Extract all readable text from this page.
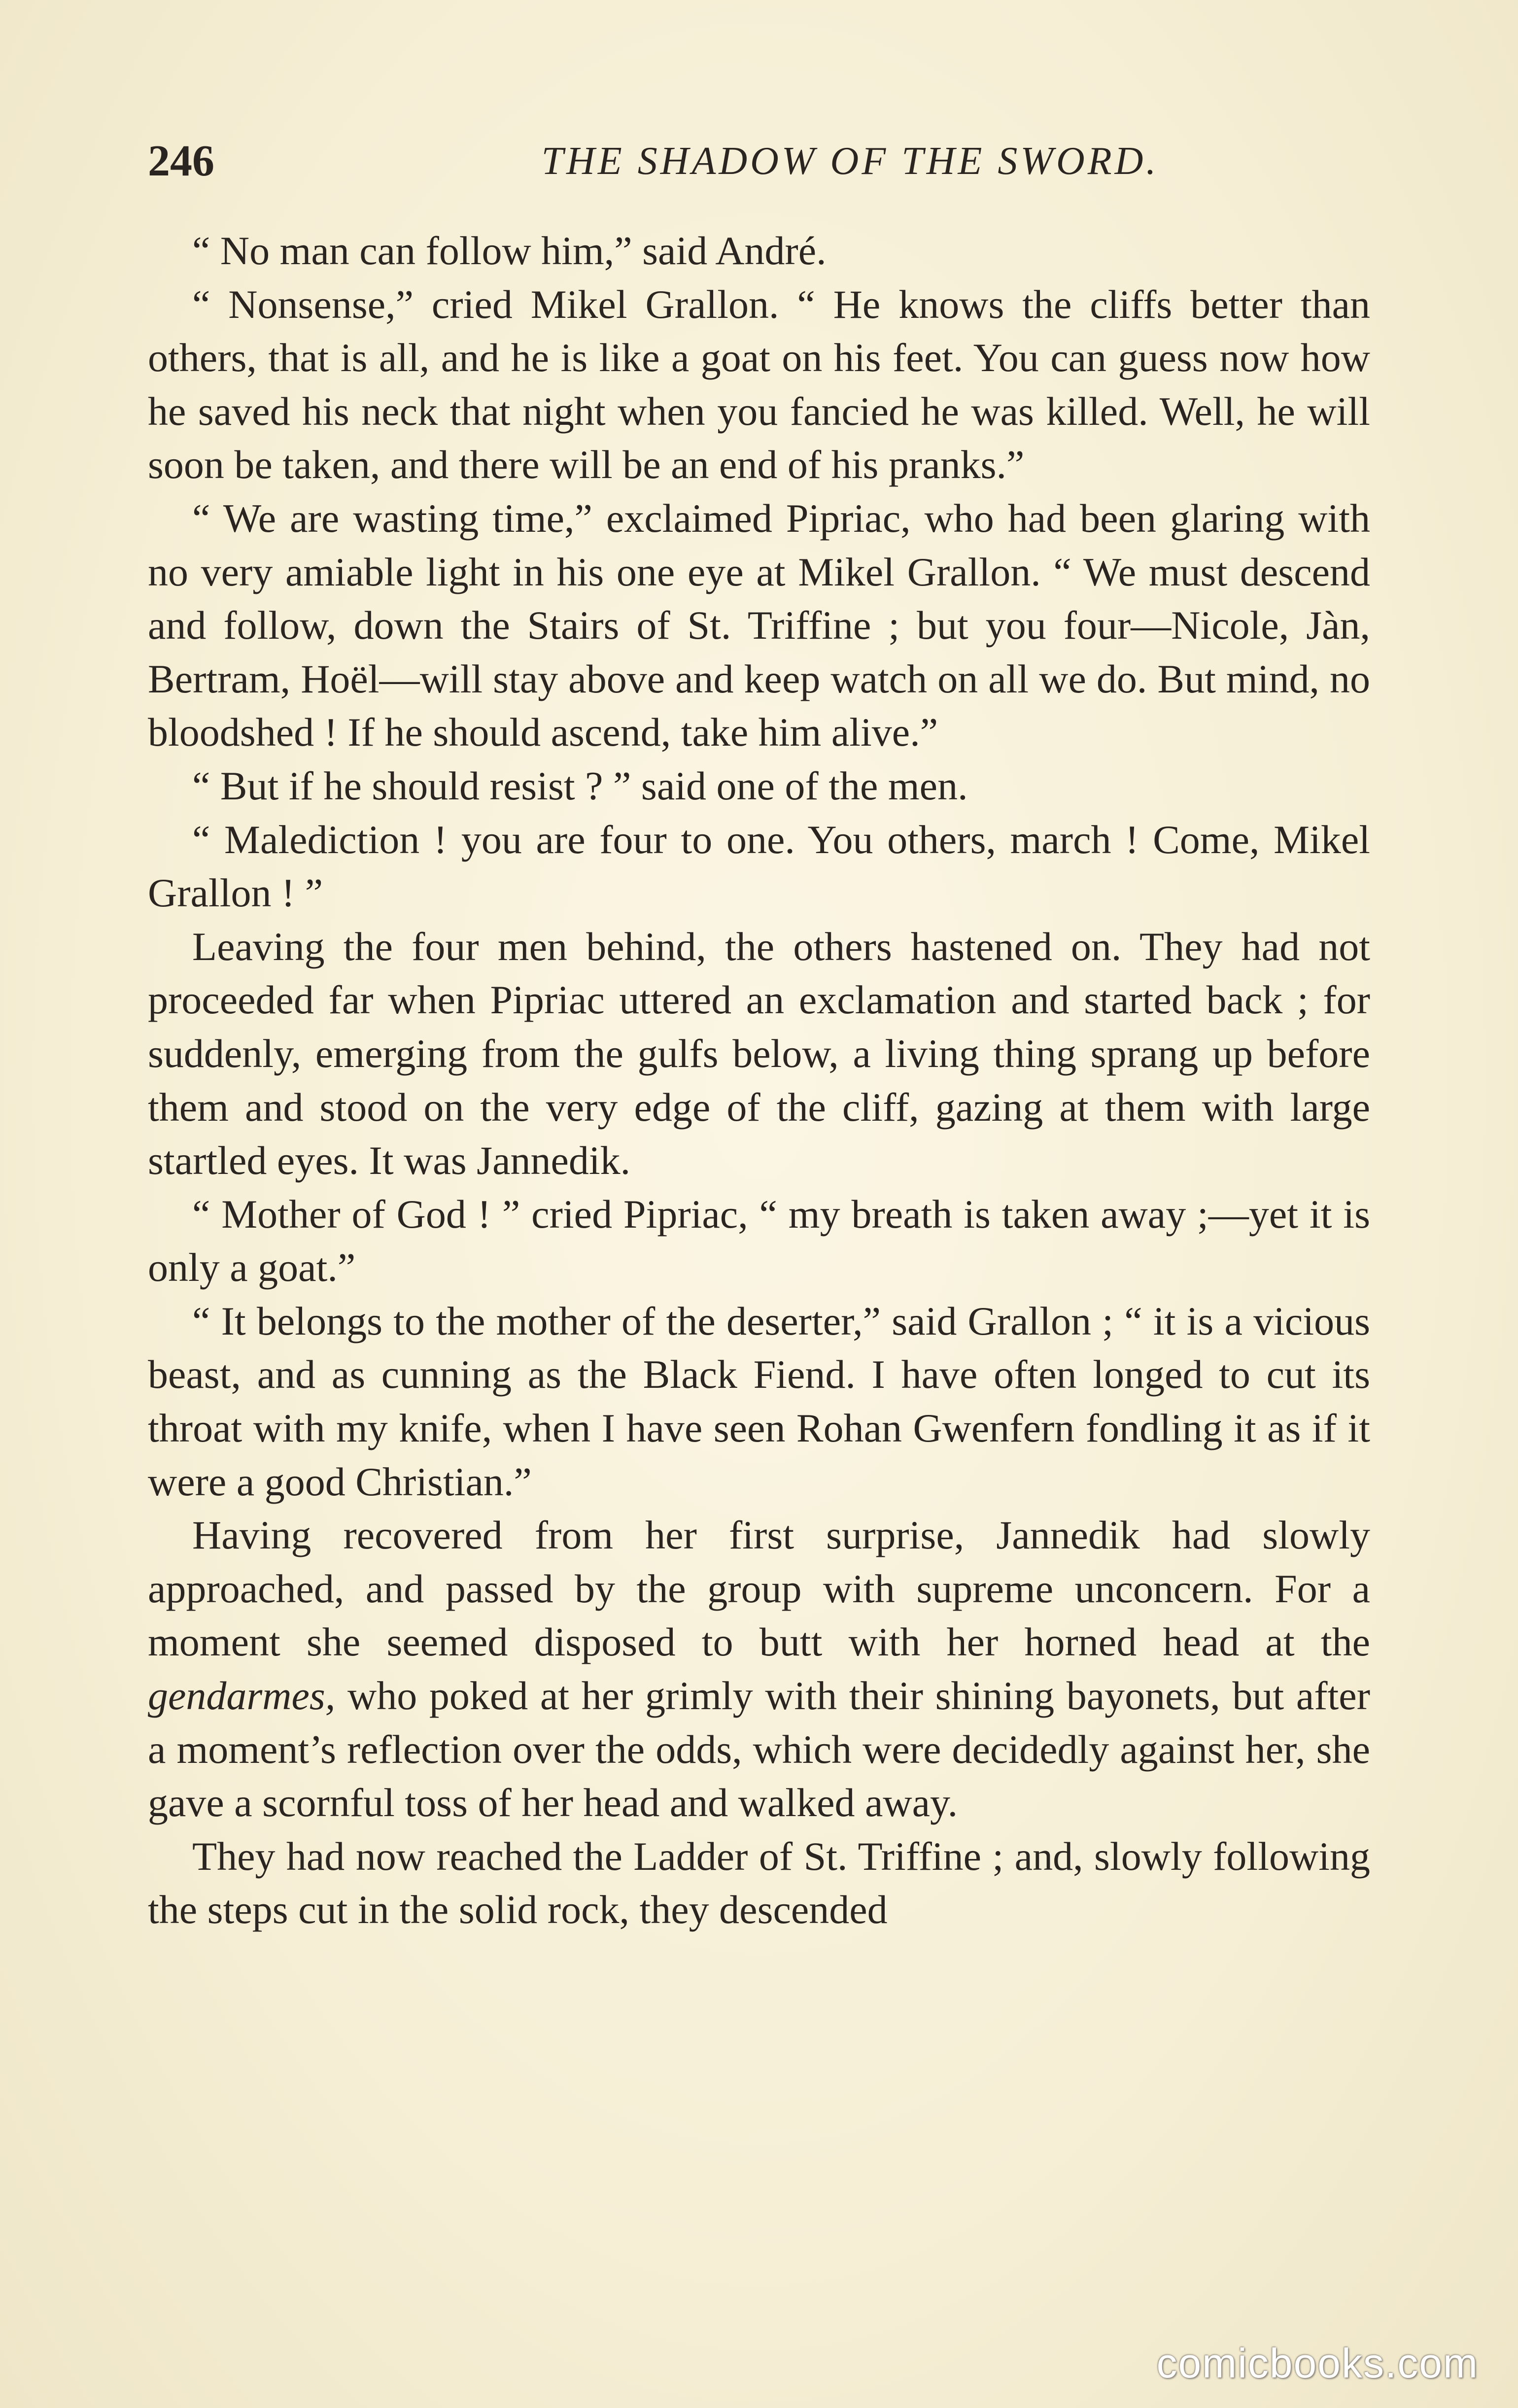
246	THE SHADOW OF THE SWORD.

“ No man can follow him,” said André.

“ Nonsense,” cried Mikel Grallon. “ He knows the cliffs better than others, that is all, and he is like a goat on his feet. You can guess now how he saved his neck that night when you fancied he was killed. Well, he will soon be taken, and there will be an end of his pranks.”

“ We are wasting time,” exclaimed Pipriac, who had been glaring with no very amiable light in his one eye at Mikel Grallon. “ We must descend and follow, down the Stairs of St. Triffine ; but you four—Nicole, Jàn, Bertram, Hoël—will stay above and keep watch on all we do. But mind, no bloodshed ! If he should ascend, take him alive.”

“ But if he should resist ? ” said one of the men.

“ Malediction ! you are four to one. You others, march ! Come, Mikel Grallon ! ”

Leaving the four men behind, the others hastened on. They had not proceeded far when Pipriac uttered an exclamation and started back ; for suddenly, emerging from the gulfs below, a living thing sprang up before them and stood on the very edge of the cliff, gazing at them with large startled eyes. It was Jannedik.

“ Mother of God ! ” cried Pipriac, “ my breath is taken away ;—yet it is only a goat.”

“ It belongs to the mother of the deserter,” said Grallon ; “ it is a vicious beast, and as cunning as the Black Fiend. I have often longed to cut its throat with my knife, when I have seen Rohan Gwenfern fondling it as if it were a good Christian.”

Having recovered from her first surprise, Jannedik had slowly approached, and passed by the group with supreme unconcern. For a moment she seemed disposed to butt with her horned head at the gendarmes, who poked at her grimly with their shining bayonets, but after a moment’s reflection over the odds, which were decidedly against her, she gave a scornful toss of her head and walked away.

They had now reached the Ladder of St. Triffine ; and, slowly following the steps cut in the solid rock, they descended

comicbooks.com
